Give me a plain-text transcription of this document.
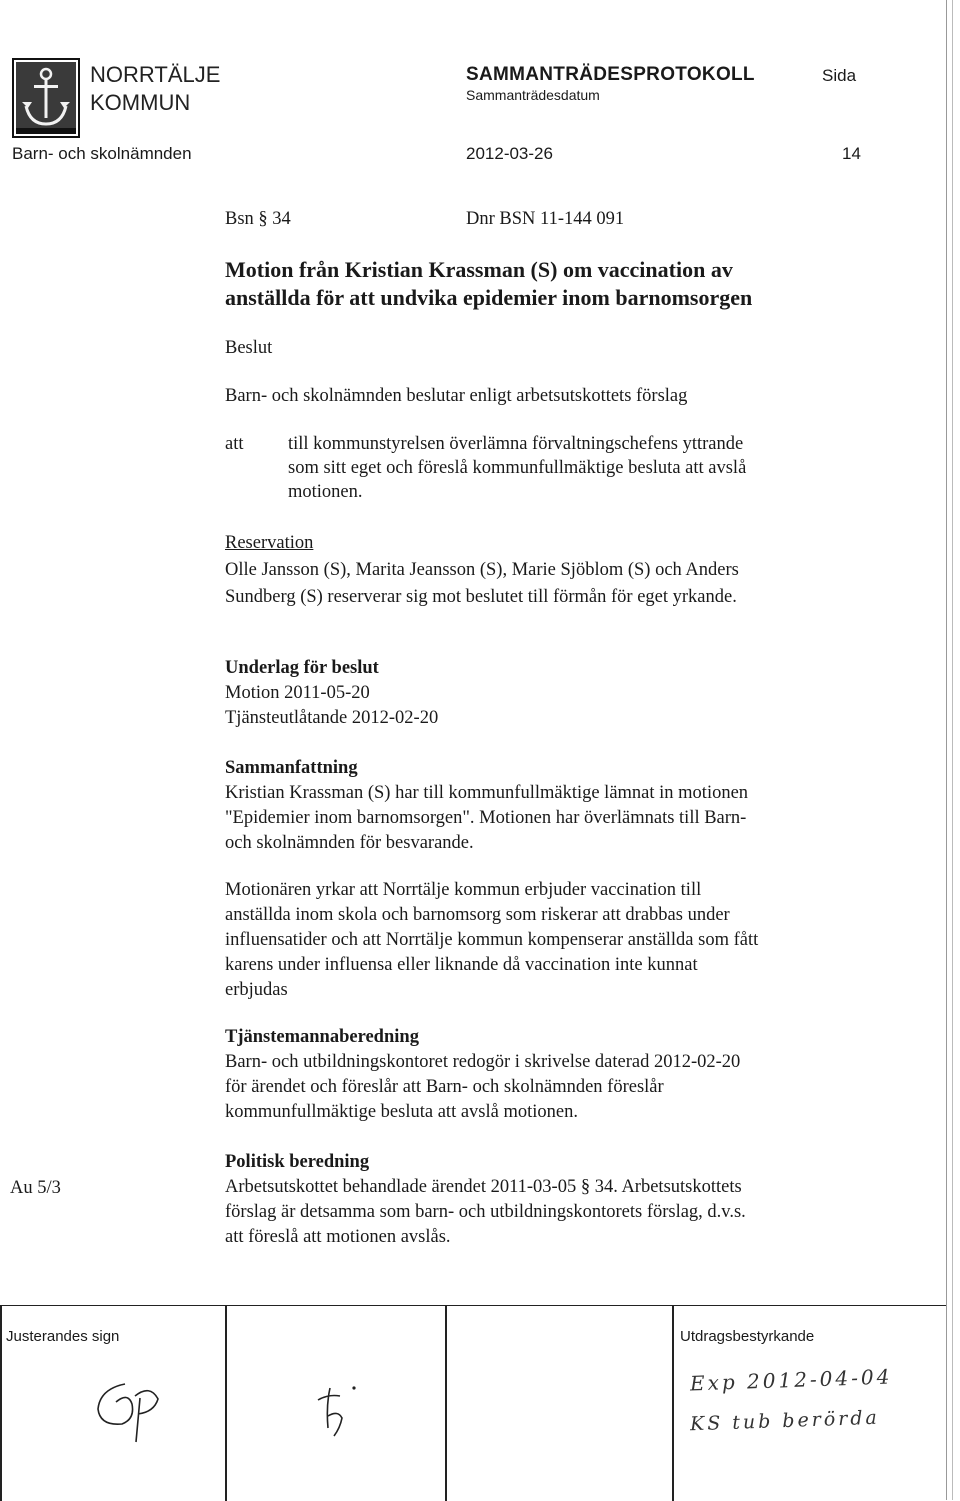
NORRTÄLJE
KOMMUN
SAMMANTRÄDESPROTOKOLL
Sammanträdesdatum
Sida
Barn- och skolnämnden	2012-03-26	14
Bsn § 34	Dnr BSN 11-144 091
Motion från Kristian Krassman (S) om vaccination av
anställda för att undvika epidemier inom barnomsorgen
Beslut
Barn- och skolnämnden beslutar enligt arbetsutskottets förslag
att till kommunstyrelsen överlämna förvaltningschefens yttrande
som sitt eget och föreslå kommunfullmäktige besluta att avslå
motionen.
Reservation
Olle Jansson (S), Marita Jeansson (S), Marie Sjöblom (S) och Anders
Sundberg (S) reserverar sig mot beslutet till förmån för eget yrkande.
Underlag för beslut
Motion 2011-05-20
Tjänsteutlåtande 2012-02-20
Sammanfattning
Kristian Krassman (S) har till kommunfullmäktige lämnat in motionen
"Epidemier inom barnomsorgen". Motionen har överlämnats till Barn-
och skolnämnden för besvarande.
Motionären yrkar att Norrtälje kommun erbjuder vaccination till
anställda inom skola och barnomsorg som riskerar att drabbas under
influensatider och att Norrtälje kommun kompenserar anställda som fått
karens under influensa eller liknande då vaccination inte kunnat
erbjudas
Tjänstemannaberedning
Barn- och utbildningskontoret redogör i skrivelse daterad 2012-02-20
för ärendet och föreslår att Barn- och skolnämnden föreslår
kommunfullmäktige besluta att avslå motionen.
Au 5/3
Politisk beredning
Arbetsutskottet behandlade ärendet 2011-03-05 § 34. Arbetsutskottets
förslag är detsamma som barn- och utbildningskontorets förslag, d.v.s.
att föreslå att motionen avslås.
Justerandes sign	Utdragsbestyrkande
Exp 2012-04-04
KS tub berörda
